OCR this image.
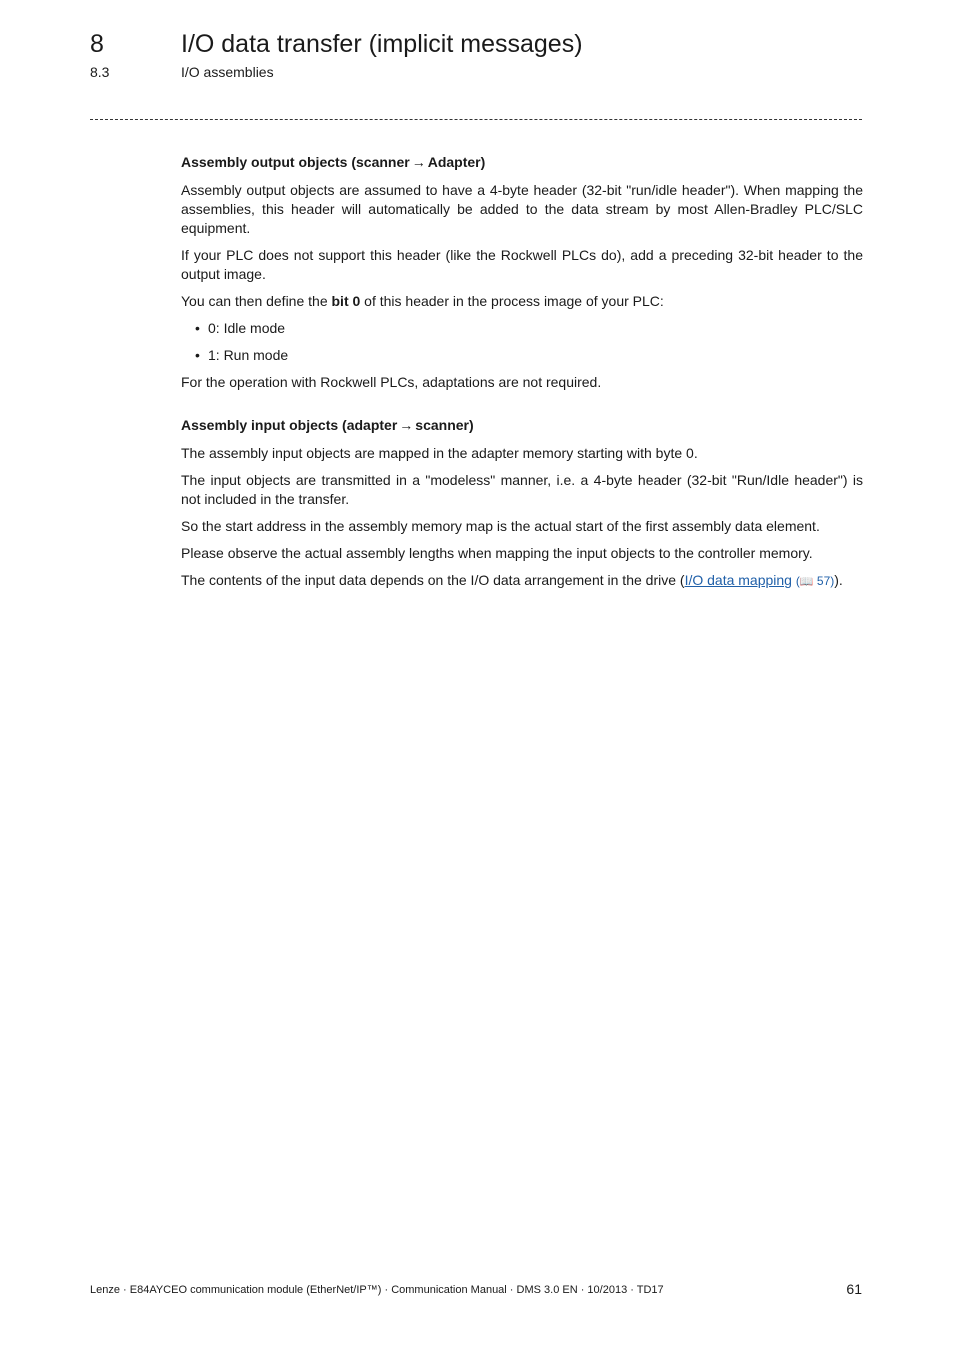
8	I/O data transfer (implicit messages)
8.3	I/O assemblies
Assembly output objects (scanner → Adapter)

Assembly output objects are assumed to have a 4-byte header (32-bit "run/idle header"). When mapping the assemblies, this header will automatically be added to the data stream by most Allen-Bradley PLC/SLC equipment.

If your PLC does not support this header (like the Rockwell PLCs do), add a preceding 32-bit header to the output image.

You can then define the bit 0 of this header in the process image of your PLC:

• 0: Idle mode
• 1: Run mode

For the operation with Rockwell PLCs, adaptations are not required.

Assembly input objects (adapter → scanner)

The assembly input objects are mapped in the adapter memory starting with byte 0.

The input objects are transmitted in a "modeless" manner, i.e. a 4-byte header (32-bit "Run/Idle header") is not included in the transfer.

So the start address in the assembly memory map is the actual start of the first assembly data element.

Please observe the actual assembly lengths when mapping the input objects to the controller memory.

The contents of the input data depends on the I/O data arrangement in the drive (I/O data mapping (📖 57)).

Lenze · E84AYCEO communication module (EtherNet/IP™) · Communication Manual · DMS 3.0 EN · 10/2013 · TD17	61
